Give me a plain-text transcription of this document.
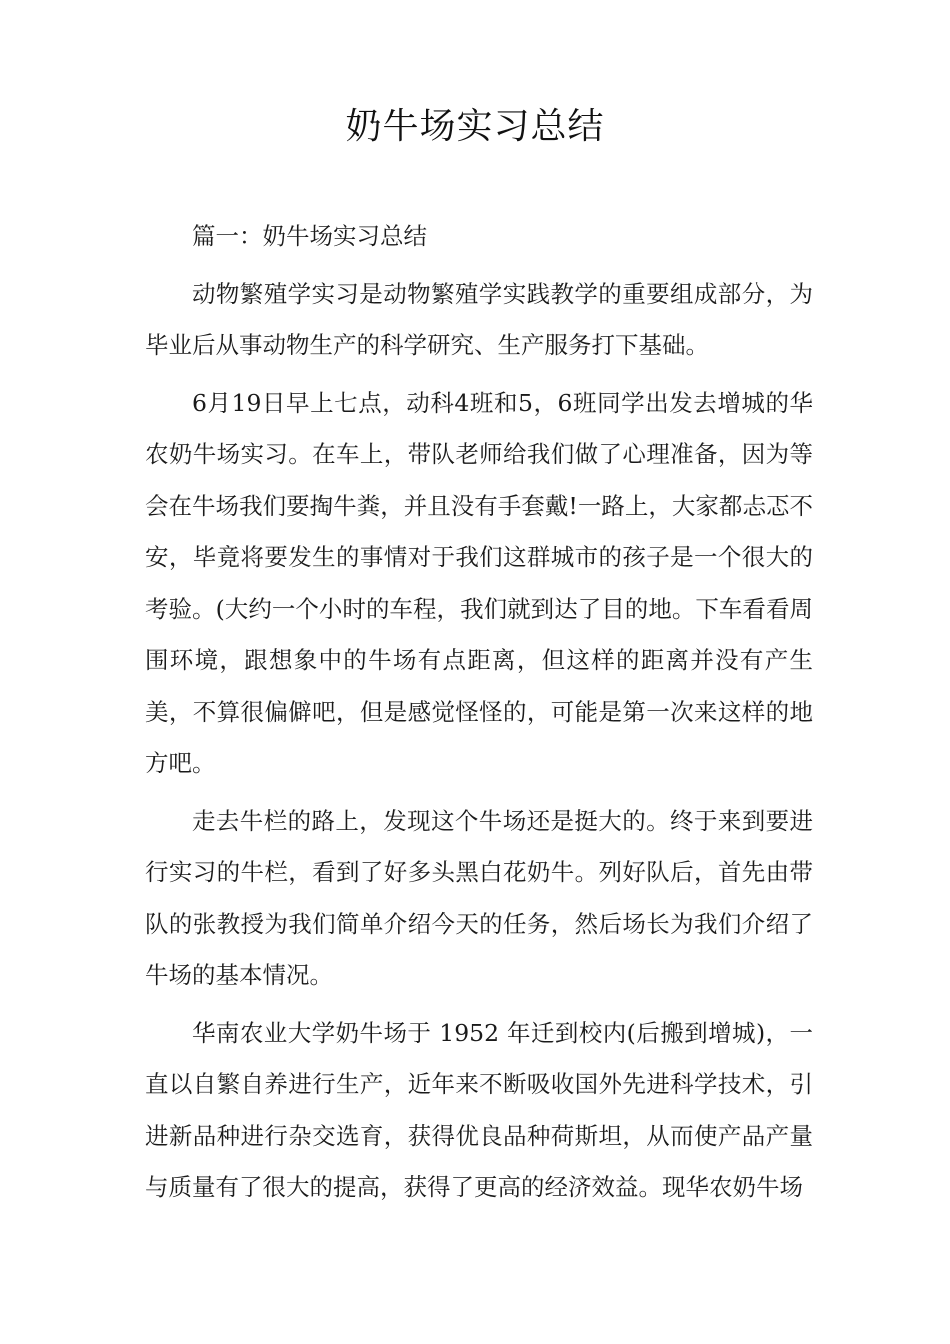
奶牛场实习总结

篇一：奶牛场实习总结

动物繁殖学实习是动物繁殖学实践教学的重要组成部分，为毕业后从事动物生产的科学研究、生产服务打下基础。

6月19日早上七点，动科4班和5，6班同学出发去增城的华农奶牛场实习。在车上，带队老师给我们做了心理准备，因为等会在牛场我们要掏牛粪，并且没有手套戴!一路上，大家都忐忑不安，毕竟将要发生的事情对于我们这群城市的孩子是一个很大的考验。(大约一个小时的车程，我们就到达了目的地。下车看看周围环境，跟想象中的牛场有点距离，但这样的距离并没有产生美，不算很偏僻吧，但是感觉怪怪的，可能是第一次来这样的地方吧。

走去牛栏的路上，发现这个牛场还是挺大的。终于来到要进行实习的牛栏，看到了好多头黑白花奶牛。列好队后，首先由带队的张教授为我们简单介绍今天的任务，然后场长为我们介绍了牛场的基本情况。

华南农业大学奶牛场于 1952 年迁到校内(后搬到增城)，一直以自繁自养进行生产，近年来不断吸收国外先进科学技术，引进新品种进行杂交选育，获得优良品种荷斯坦，从而使产品产量与质量有了很大的提高，获得了更高的经济效益。现华农奶牛场
